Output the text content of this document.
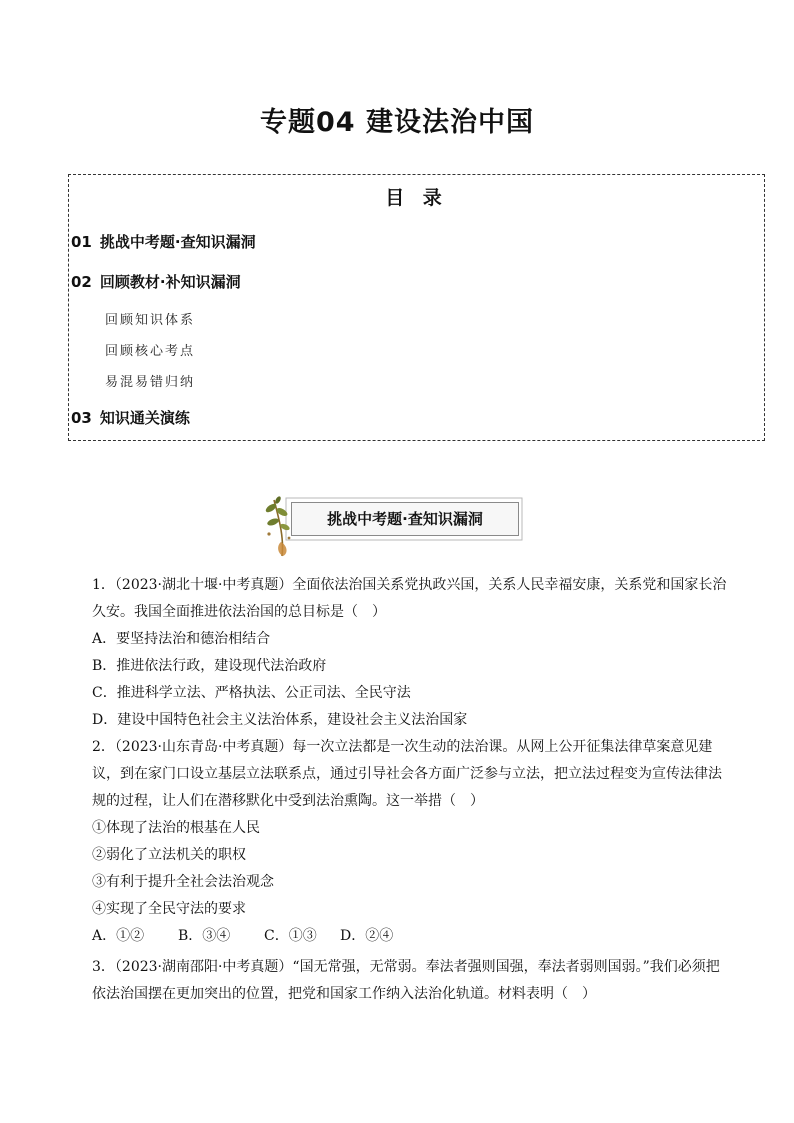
专题04 建设法治中国
目 录
01 挑战中考题·查知识漏洞
02 回顾教材·补知识漏洞
回顾知识体系
回顾核心考点
易混易错归纳
03 知识通关演练
挑战中考题·查知识漏洞

1．（2023·湖北十堰·中考真题）全面依法治国关系党执政兴国，关系人民幸福安康，关系党和国家长治久安。我国全面推进依法治国的总目标是（　）

A．要坚持法治和德治相结合

B．推进依法行政，建设现代法治政府

C．推进科学立法、严格执法、公正司法、全民守法

D．建设中国特色社会主义法治体系，建设社会主义法治国家

2．（2023·山东青岛·中考真题）每一次立法都是一次生动的法治课。从网上公开征集法律草案意见建议，到在家门口设立基层立法联系点，通过引导社会各方面广泛参与立法，把立法过程变为宣传法律法规的过程，让人们在潜移默化中受到法治熏陶。这一举措（　）

①体现了法治的根基在人民

②弱化了立法机关的职权

③有利于提升全社会法治观念

④实现了全民守法的要求

A．①② B．③④ C．①③ D．②④

3．（2023·湖南邵阳·中考真题）“国无常强，无常弱。奉法者强则国强，奉法者弱则国弱。”我们必须把依法治国摆在更加突出的位置，把党和国家工作纳入法治化轨道。材料表明（　）
